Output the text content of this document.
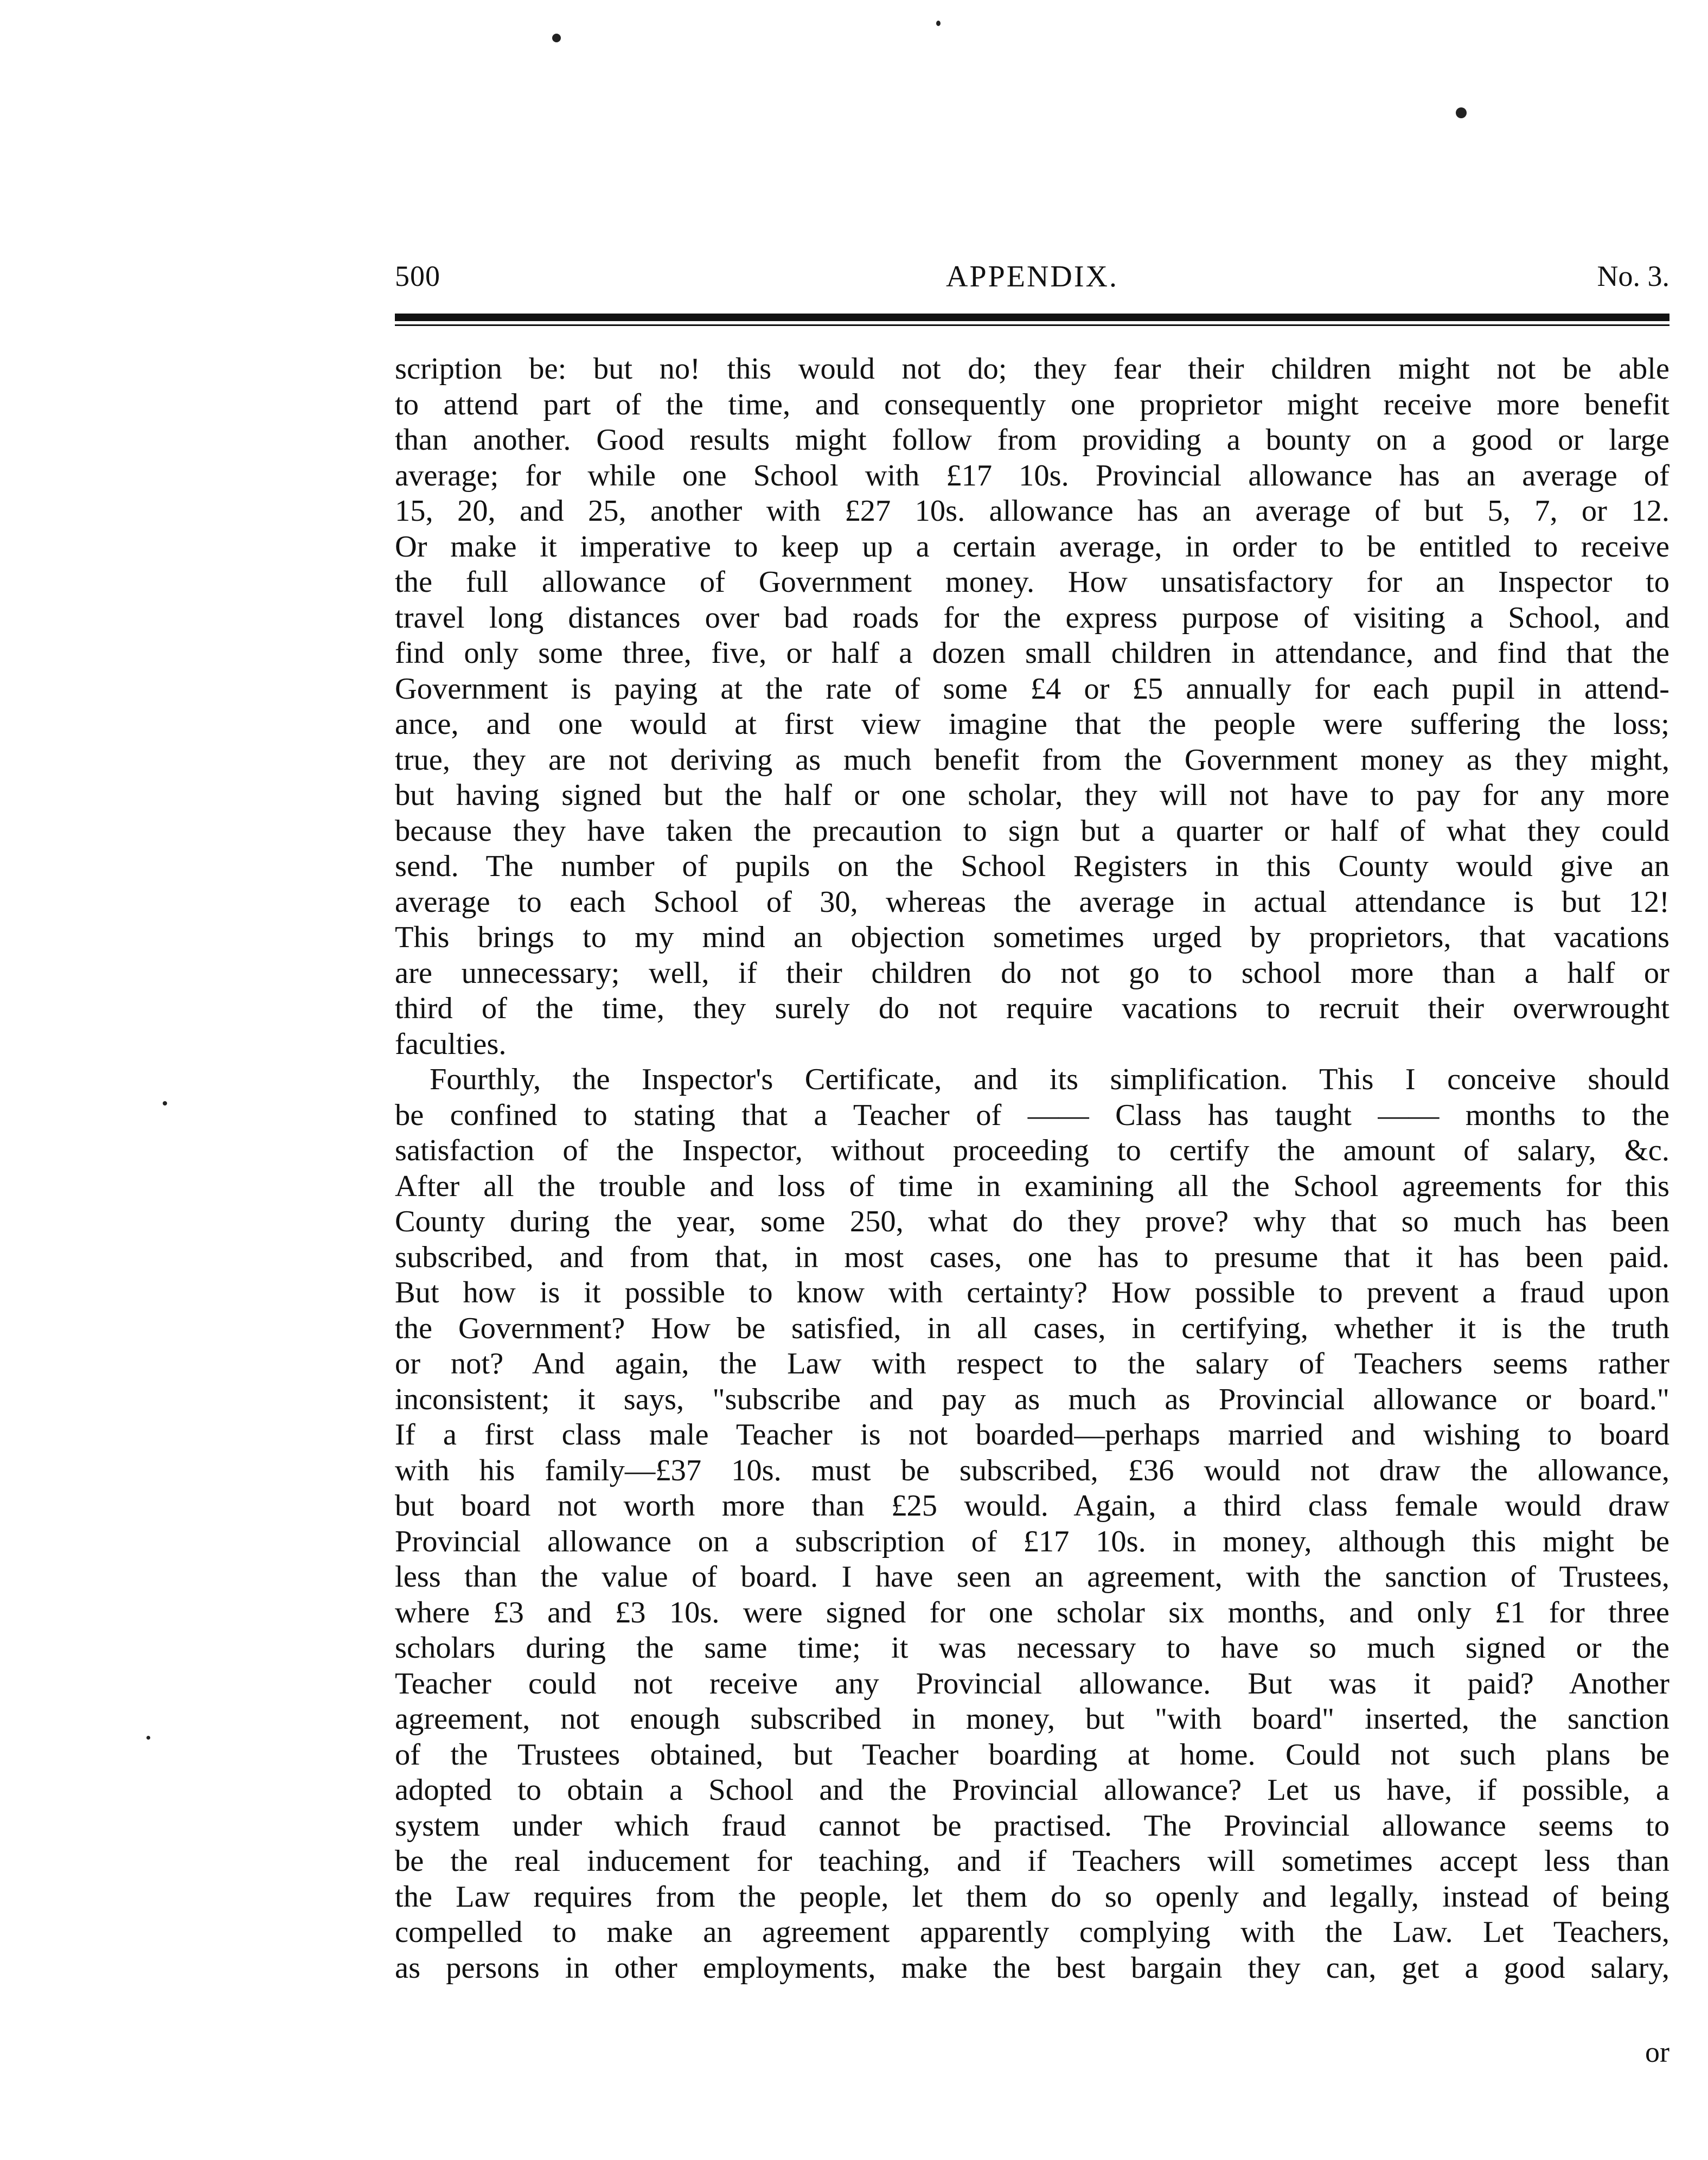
500	APPENDIX.	No. 3.
scription be: but no! this would not do; they fear their children might not be able
to attend part of the time, and consequently one proprietor might receive more benefit
than another. Good results might follow from providing a bounty on a good or large
average; for while one School with £17 10s. Provincial allowance has an average of
15, 20, and 25, another with £27 10s. allowance has an average of but 5, 7, or 12.
Or make it imperative to keep up a certain average, in order to be entitled to receive
the full allowance of Government money. How unsatisfactory for an Inspector to
travel long distances over bad roads for the express purpose of visiting a School, and
find only some three, five, or half a dozen small children in attendance, and find that the
Government is paying at the rate of some £4 or £5 annually for each pupil in attend-
ance, and one would at first view imagine that the people were suffering the loss;
true, they are not deriving as much benefit from the Government money as they might,
but having signed but the half or one scholar, they will not have to pay for any more
because they have taken the precaution to sign but a quarter or half of what they could
send. The number of pupils on the School Registers in this County would give an
average to each School of 30, whereas the average in actual attendance is but 12!
This brings to my mind an objection sometimes urged by proprietors, that vacations
are unnecessary; well, if their children do not go to school more than a half or
third of the time, they surely do not require vacations to recruit their overwrought
faculties.
Fourthly, the Inspector's Certificate, and its simplification. This I conceive should
be confined to stating that a Teacher of —— Class has taught —— months to the
satisfaction of the Inspector, without proceeding to certify the amount of salary, &c.
After all the trouble and loss of time in examining all the School agreements for this
County during the year, some 250, what do they prove? why that so much has been
subscribed, and from that, in most cases, one has to presume that it has been paid.
But how is it possible to know with certainty? How possible to prevent a fraud upon
the Government? How be satisfied, in all cases, in certifying, whether it is the truth
or not? And again, the Law with respect to the salary of Teachers seems rather
inconsistent; it says, "subscribe and pay as much as Provincial allowance or board."
If a first class male Teacher is not boarded—perhaps married and wishing to board
with his family—£37 10s. must be subscribed, £36 would not draw the allowance,
but board not worth more than £25 would. Again, a third class female would draw
Provincial allowance on a subscription of £17 10s. in money, although this might be
less than the value of board. I have seen an agreement, with the sanction of Trustees,
where £3 and £3 10s. were signed for one scholar six months, and only £1 for three
scholars during the same time; it was necessary to have so much signed or the
Teacher could not receive any Provincial allowance. But was it paid? Another
agreement, not enough subscribed in money, but "with board" inserted, the sanction
of the Trustees obtained, but Teacher boarding at home. Could not such plans be
adopted to obtain a School and the Provincial allowance? Let us have, if possible, a
system under which fraud cannot be practised. The Provincial allowance seems to
be the real inducement for teaching, and if Teachers will sometimes accept less than
the Law requires from the people, let them do so openly and legally, instead of being
compelled to make an agreement apparently complying with the Law. Let Teachers,
as persons in other employments, make the best bargain they can, get a good salary,
or
